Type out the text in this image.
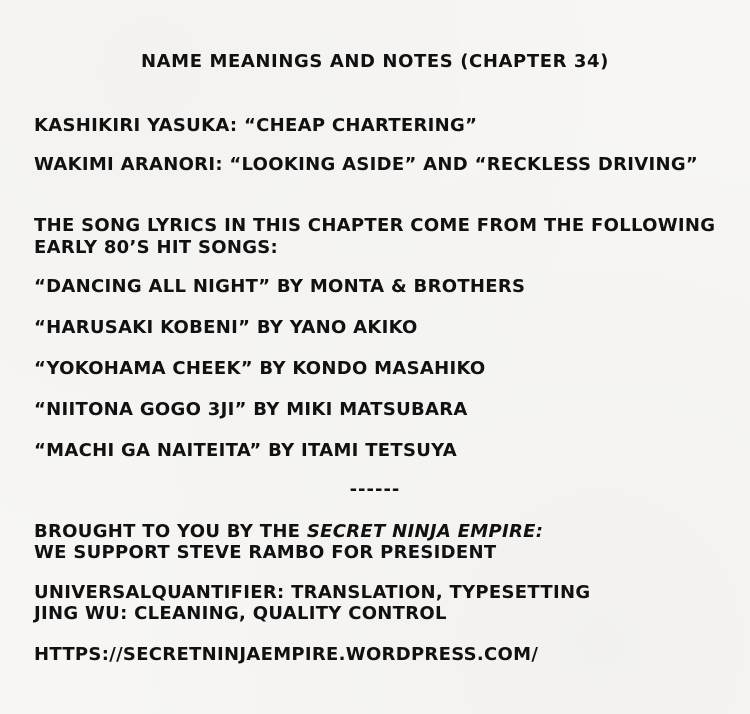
NAME MEANINGS AND NOTES (CHAPTER 34)
KASHIKIRI YASUKA: “CHEAP CHARTERING”
WAKIMI ARANORI: “LOOKING ASIDE” AND “RECKLESS DRIVING”
THE SONG LYRICS IN THIS CHAPTER COME FROM THE FOLLOWING
EARLY 80’S HIT SONGS:
“DANCING ALL NIGHT” BY MONTA & BROTHERS
“HARUSAKI KOBENI” BY YANO AKIKO
“YOKOHAMA CHEEK” BY KONDO MASAHIKO
“NIITONA GOGO 3JI” BY MIKI MATSUBARA
“MACHI GA NAITEITA” BY ITAMI TETSUYA
------
BROUGHT TO YOU BY THE SECRET NINJA EMPIRE:
WE SUPPORT STEVE RAMBO FOR PRESIDENT
UNIVERSALQUANTIFIER: TRANSLATION, TYPESETTING
JING WU: CLEANING, QUALITY CONTROL
HTTPS://SECRETNINJAEMPIRE.WORDPRESS.COM/
